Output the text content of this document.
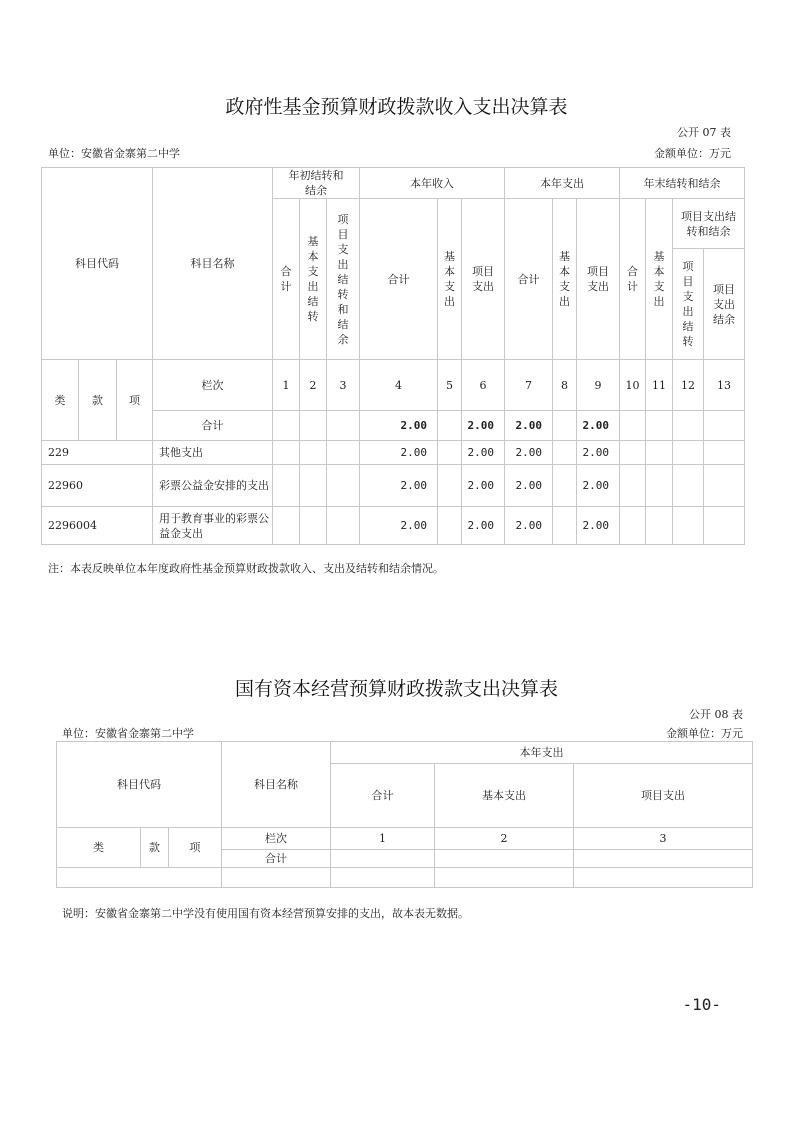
政府性基金预算财政拨款收入支出决算表
公开 07 表
单位：安徽省金寨第二中学	金额单位：万元
科目代码			科目名称	年初结转和结余			本年收入			本年支出			年末结转和结余			
				合计	基本支出结转	项目支出结转和结余	合计	基本支出	项目支出	合计	基本支出	项目支出	合计	基本支出	项目支出结转和结余	
															项目支出结转	项目支出结余

类	款	项	栏次	1	2	3	4	5	6	7	8	9	10	11	12	13
			合计				2.00		2.00	2.00		2.00				
229			其他支出				2.00		2.00	2.00		2.00				
22960			彩票公益金安排的支出				2.00		2.00	2.00		2.00				
2296004			用于教育事业的彩票公益金支出				2.00		2.00	2.00		2.00				
注：本表反映单位本年度政府性基金预算财政拨款收入、支出及结转和结余情况。
国有资本经营预算财政拨款支出决算表
公开 08 表
单位：安徽省金寨第二中学	金额单位：万元
科目代码			科目名称	本年支出		
				合计	基本支出	项目支出
类	款	项	栏次	1	2	3
			合计			

说明：安徽省金寨第二中学没有使用国有资本经营预算安排的支出，故本表无数据。
-10-
